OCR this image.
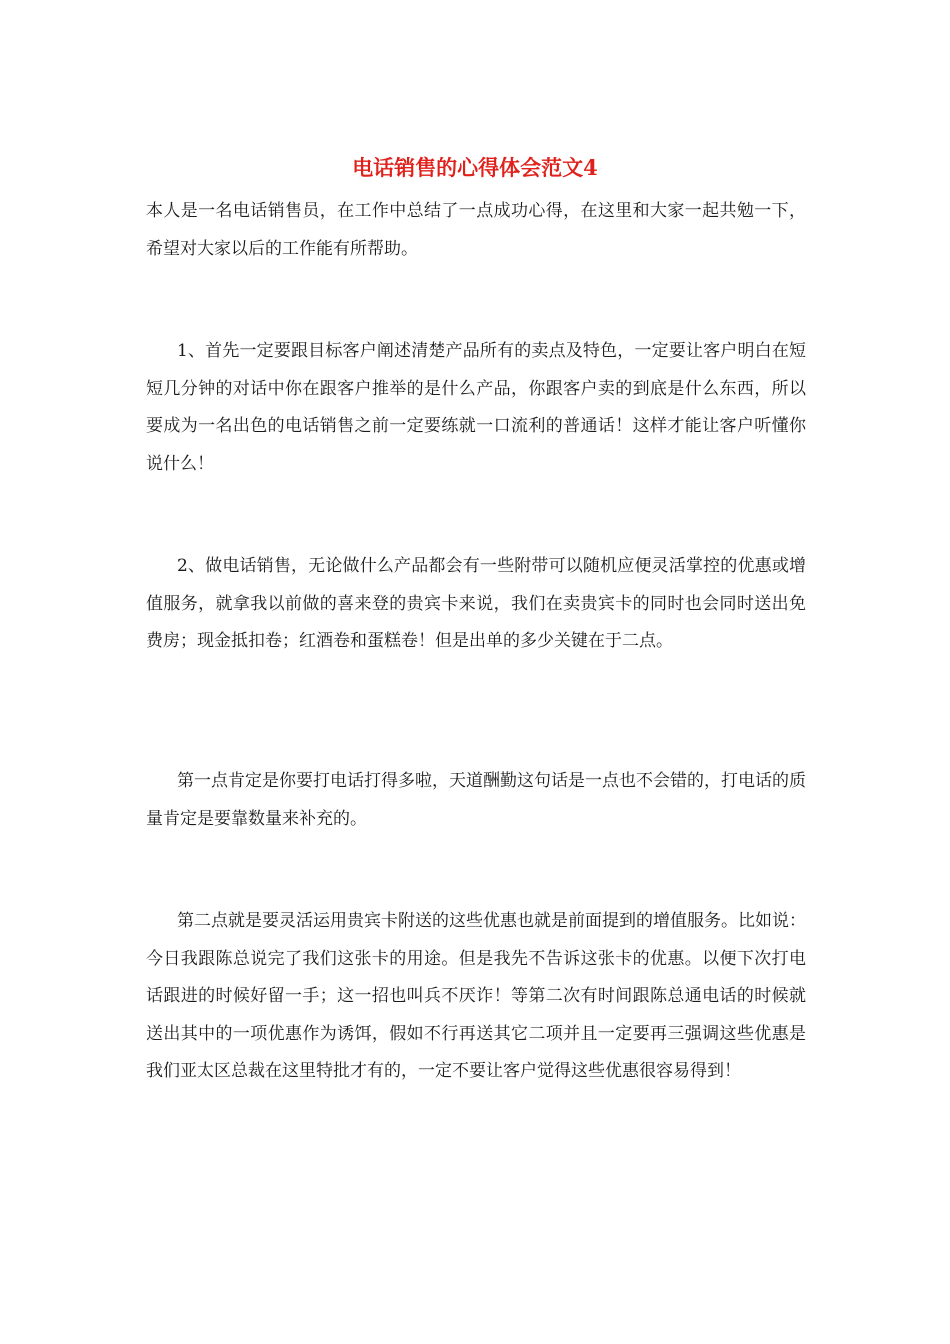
电话销售的心得体会范文4

本人是一名电话销售员，在工作中总结了一点成功心得，在这里和大家一起共勉一下，希望对大家以后的工作能有所帮助。

1、首先一定要跟目标客户阐述清楚产品所有的卖点及特色，一定要让客户明白在短短几分钟的对话中你在跟客户推举的是什么产品，你跟客户卖的到底是什么东西，所以要成为一名出色的电话销售之前一定要练就一口流利的普通话！这样才能让客户听懂你说什么！

2、做电话销售，无论做什么产品都会有一些附带可以随机应便灵活掌控的优惠或增值服务，就拿我以前做的喜来登的贵宾卡来说，我们在卖贵宾卡的同时也会同时送出免费房；现金抵扣卷；红酒卷和蛋糕卷！但是出单的多少关键在于二点。

第一点肯定是你要打电话打得多啦，天道酬勤这句话是一点也不会错的，打电话的质量肯定是要靠数量来补充的。

第二点就是要灵活运用贵宾卡附送的这些优惠也就是前面提到的增值服务。比如说：今日我跟陈总说完了我们这张卡的用途。但是我先不告诉这张卡的优惠。以便下次打电话跟进的时候好留一手；这一招也叫兵不厌诈！等第二次有时间跟陈总通电话的时候就送出其中的一项优惠作为诱饵，假如不行再送其它二项并且一定要再三强调这些优惠是我们亚太区总裁在这里特批才有的，一定不要让客户觉得这些优惠很容易得到！
